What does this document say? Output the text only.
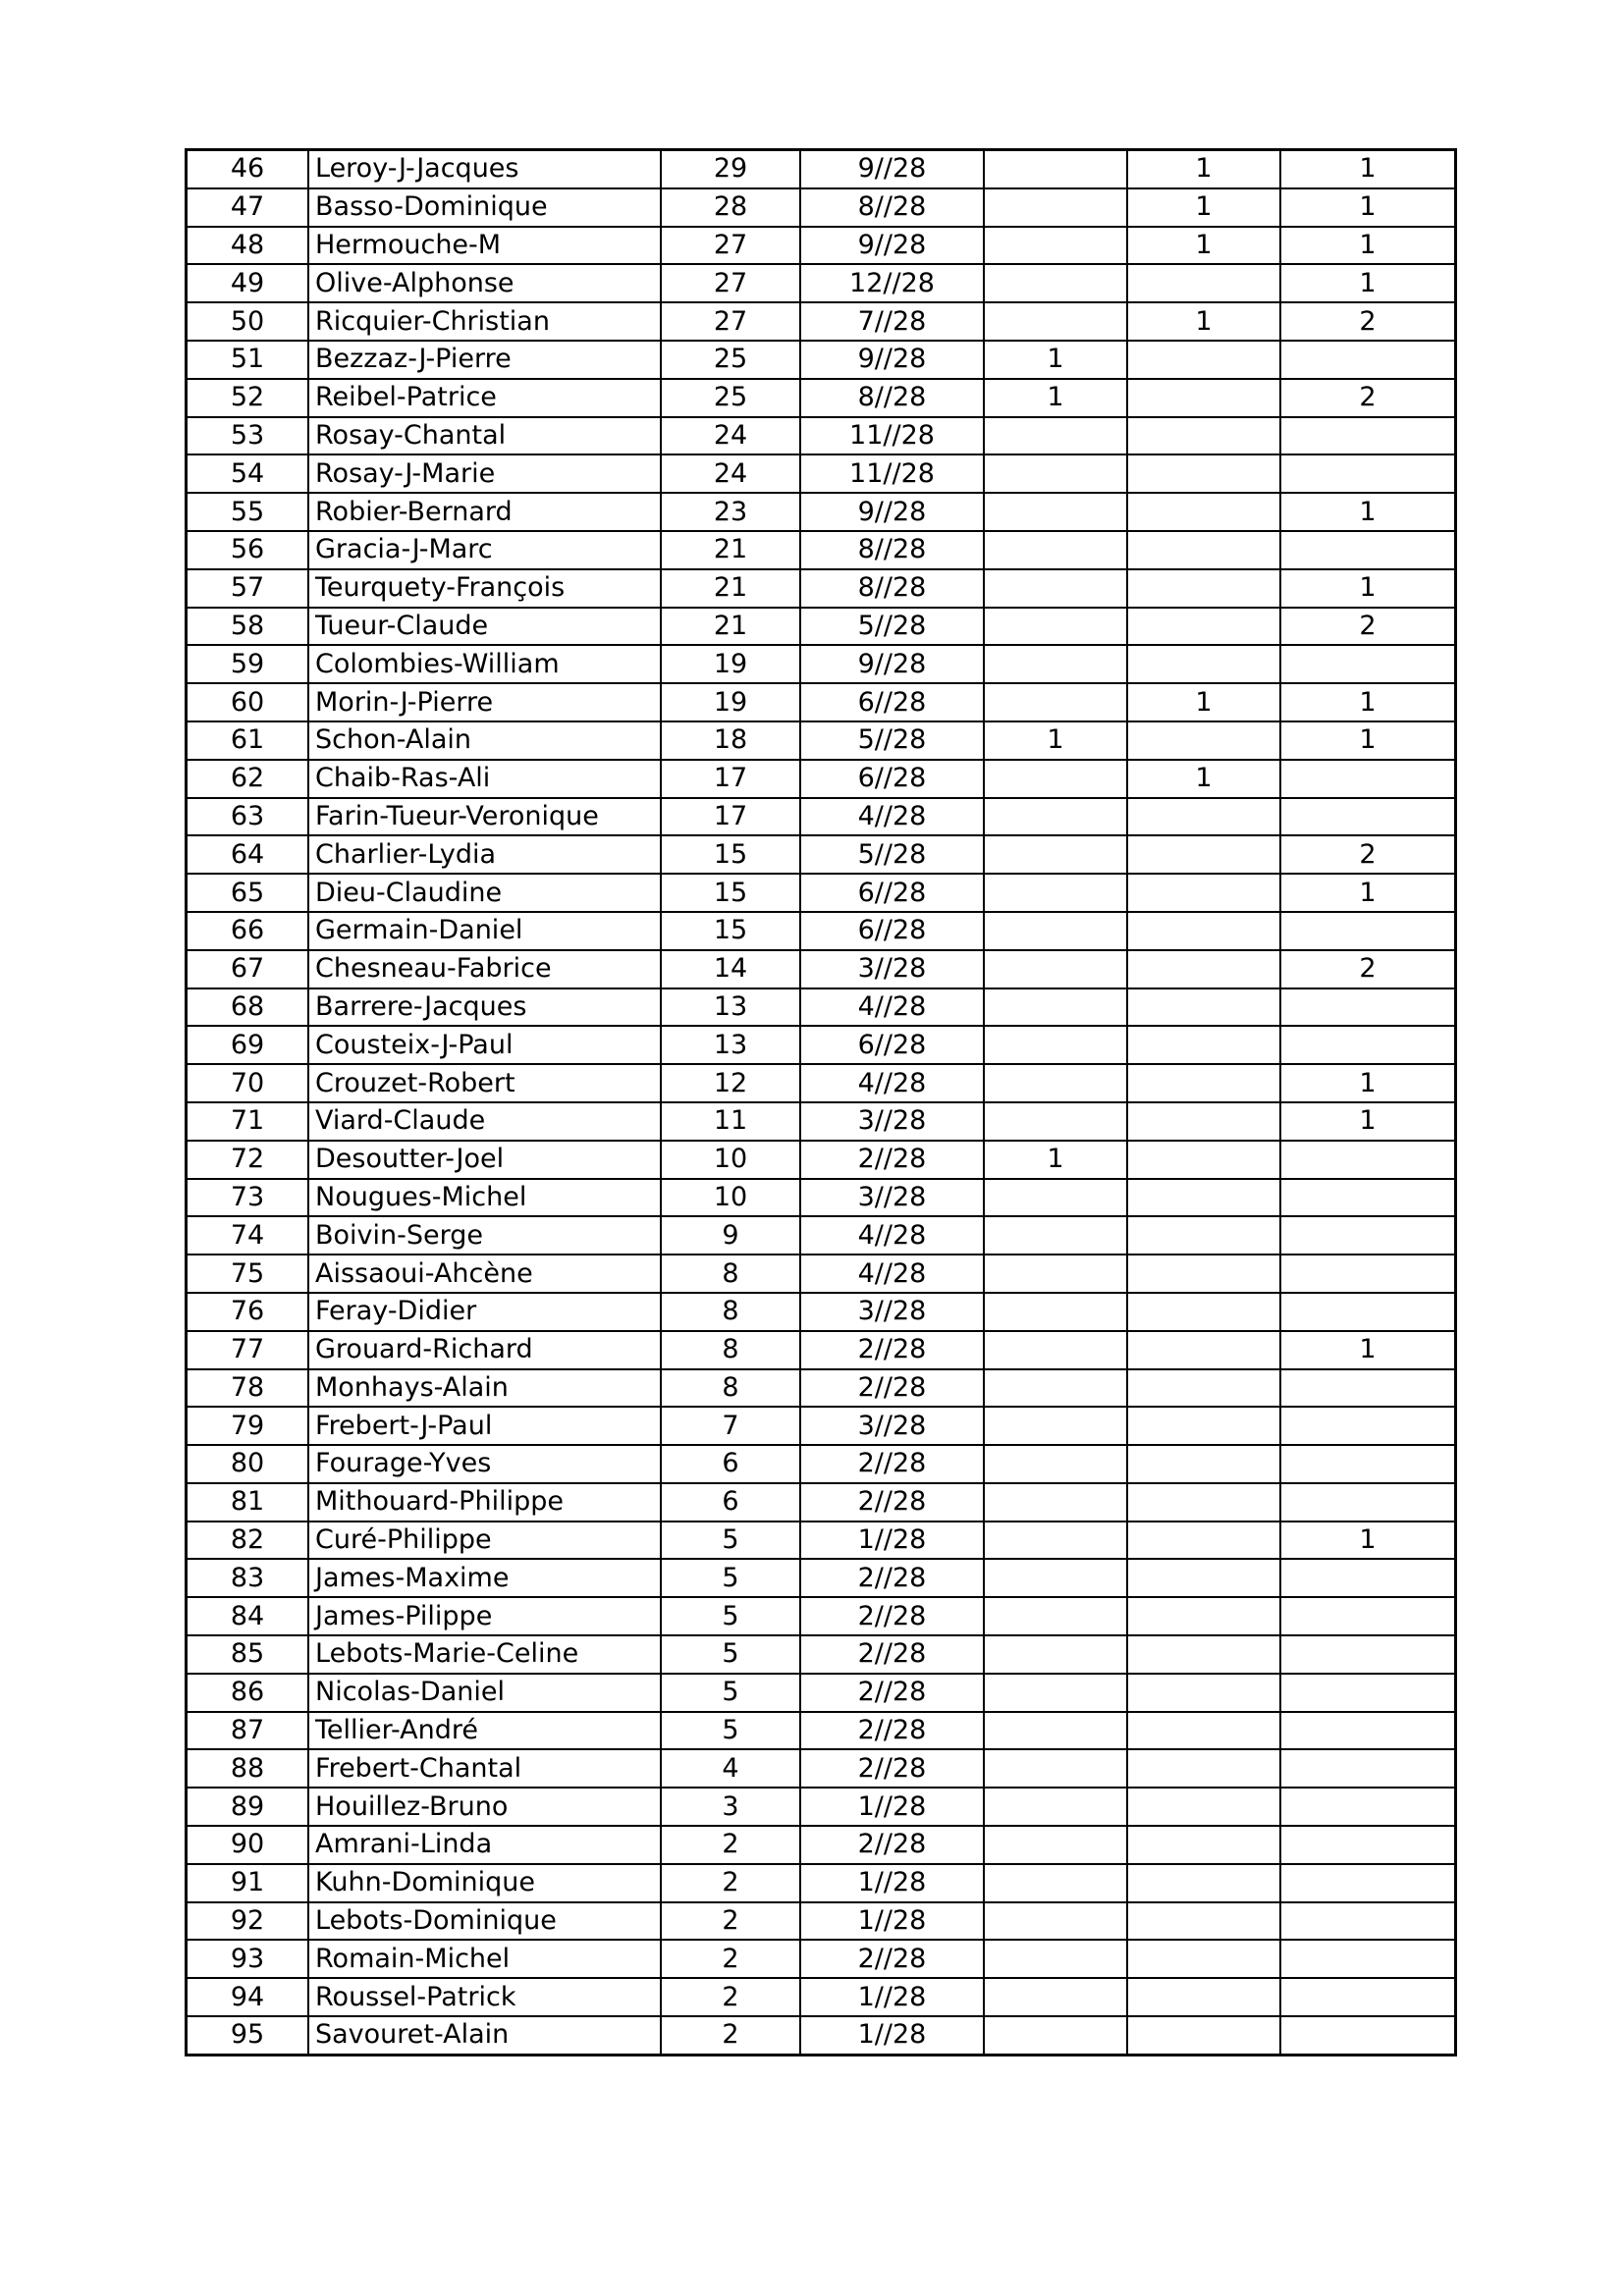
46	Leroy-J-Jacques	29	9//28		1	1
47	Basso-Dominique	28	8//28		1	1
48	Hermouche-M	27	9//28		1	1
49	Olive-Alphonse	27	12//28			1
50	Ricquier-Christian	27	7//28		1	2
51	Bezzaz-J-Pierre	25	9//28	1		
52	Reibel-Patrice	25	8//28	1		2
53	Rosay-Chantal	24	11//28			
54	Rosay-J-Marie	24	11//28			
55	Robier-Bernard	23	9//28			1
56	Gracia-J-Marc	21	8//28			
57	Teurquety-François	21	8//28			1
58	Tueur-Claude	21	5//28			2
59	Colombies-William	19	9//28			
60	Morin-J-Pierre	19	6//28		1	1
61	Schon-Alain	18	5//28	1		1
62	Chaib-Ras-Ali	17	6//28		1	
63	Farin-Tueur-Veronique	17	4//28			
64	Charlier-Lydia	15	5//28			2
65	Dieu-Claudine	15	6//28			1
66	Germain-Daniel	15	6//28			
67	Chesneau-Fabrice	14	3//28			2
68	Barrere-Jacques	13	4//28			
69	Cousteix-J-Paul	13	6//28			
70	Crouzet-Robert	12	4//28			1
71	Viard-Claude	11	3//28			1
72	Desoutter-Joel	10	2//28	1		
73	Nougues-Michel	10	3//28			
74	Boivin-Serge	9	4//28			
75	Aissaoui-Ahcène	8	4//28			
76	Feray-Didier	8	3//28			
77	Grouard-Richard	8	2//28			1
78	Monhays-Alain	8	2//28			
79	Frebert-J-Paul	7	3//28			
80	Fourage-Yves	6	2//28			
81	Mithouard-Philippe	6	2//28			
82	Curé-Philippe	5	1//28			1
83	James-Maxime	5	2//28			
84	James-Pilippe	5	2//28			
85	Lebots-Marie-Celine	5	2//28			
86	Nicolas-Daniel	5	2//28			
87	Tellier-André	5	2//28			
88	Frebert-Chantal	4	2//28			
89	Houillez-Bruno	3	1//28			
90	Amrani-Linda	2	2//28			
91	Kuhn-Dominique	2	1//28			
92	Lebots-Dominique	2	1//28			
93	Romain-Michel	2	2//28			
94	Roussel-Patrick	2	1//28			
95	Savouret-Alain	2	1//28			
